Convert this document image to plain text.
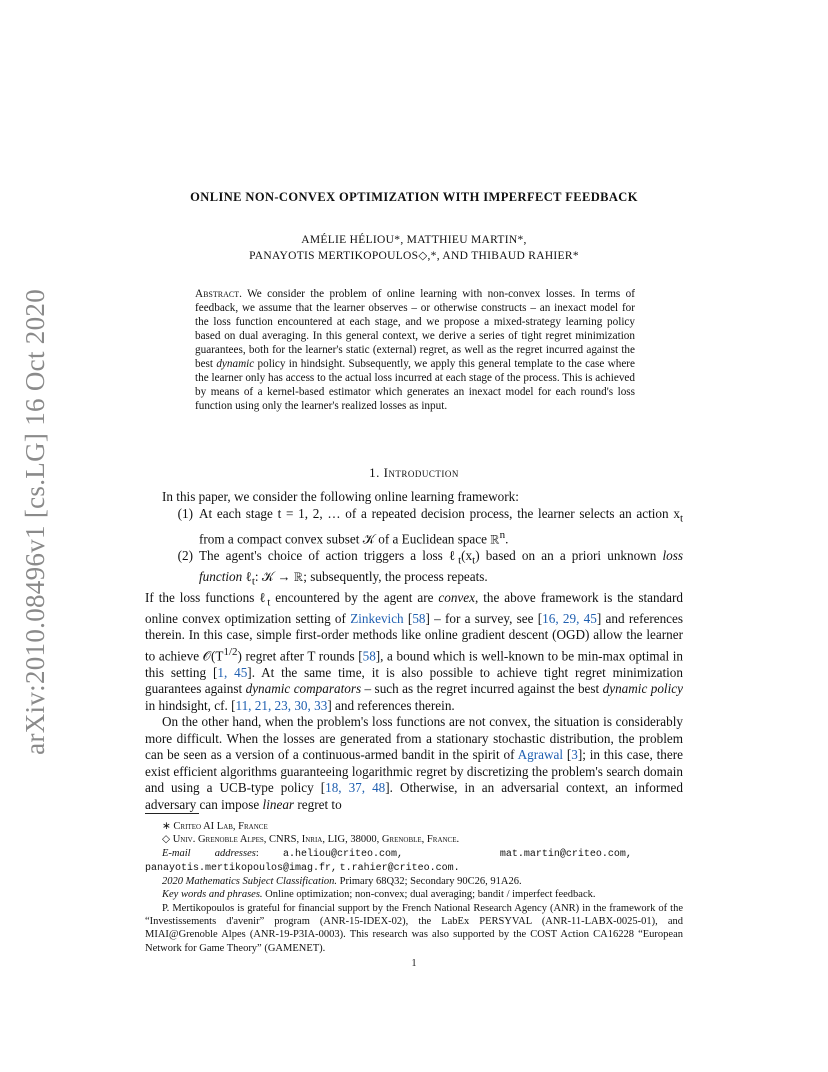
arXiv:2010.08496v1 [cs.LG] 16 Oct 2020
ONLINE NON-CONVEX OPTIMIZATION WITH IMPERFECT FEEDBACK
AMÉLIE HÉLIOU*, MATTHIEU MARTIN*,
PANAYOTIS MERTIKOPOULOS◇,*, AND THIBAUD RAHIER*
Abstract. We consider the problem of online learning with non-convex losses. In terms of feedback, we assume that the learner observes – or otherwise constructs – an inexact model for the loss function encountered at each stage, and we propose a mixed-strategy learning policy based on dual averaging. In this general context, we derive a series of tight regret minimization guarantees, both for the learner's static (external) regret, as well as the regret incurred against the best dynamic policy in hindsight. Subsequently, we apply this general template to the case where the learner only has access to the actual loss incurred at each stage of the process. This is achieved by means of a kernel-based estimator which generates an inexact model for each round's loss function using only the learner's realized losses as input.
1. Introduction

In this paper, we consider the following online learning framework:

(1) At each stage t = 1, 2, … of a repeated decision process, the learner selects an action $x_t$ from a compact convex subset 𝒦 of a Euclidean space ℝ$^n$.
(2) The agent's choice of action triggers a loss $\ell_t(x_t)$ based on an a priori unknown loss function ℓ$_t$: 𝒦 → ℝ; subsequently, the process repeats.

If the loss functions ℓ$_t$ encountered by the agent are convex, the above framework is the standard online convex optimization setting of Zinkevich [58] – for a survey, see [16, 29, 45] and references therein. In this case, simple first-order methods like online gradient descent (OGD) allow the learner to achieve $𝒪(T^{1/2})$ regret after T rounds [58], a bound which is well-known to be min-max optimal in this setting [1, 45]. At the same time, it is also possible to achieve tight regret minimization guarantees against dynamic comparators – such as the regret incurred against the best dynamic policy in hindsight, cf. [11, 21, 23, 30, 33] and references therein.

On the other hand, when the problem's loss functions are not convex, the situation is considerably more difficult. When the losses are generated from a stationary stochastic distribution, the problem can be seen as a version of a continuous-armed bandit in the spirit of Agrawal [3]; in this case, there exist efficient algorithms guaranteeing logarithmic regret by discretizing the problem's search domain and using a UCB-type policy [18, 37, 48]. Otherwise, in an adversarial context, an informed adversary can impose linear regret to

∗ Criteo AI Lab, France

◇ Univ. Grenoble Alpes, CNRS, Inria, LIG, 38000, Grenoble, France.

E-mail addresses: a.heliou@criteo.com,	mat.martin@criteo.com,    panayotis.mertikopoulos@imag.fr, t.rahier@criteo.com.

2020 Mathematics Subject Classification. Primary 68Q32; Secondary 90C26, 91A26.

Key words and phrases. Online optimization; non-convex; dual averaging; bandit / imperfect feedback.

P. Mertikopoulos is grateful for financial support by the French National Research Agency (ANR) in the framework of the “Investissements d'avenir” program (ANR-15-IDEX-02), the LabEx PERSYVAL (ANR-11-LABX-0025-01), and MIAI@Grenoble Alpes (ANR-19-P3IA-0003). This research was also supported by the COST Action CA16228 “European Network for Game Theory” (GAMENET).

1
